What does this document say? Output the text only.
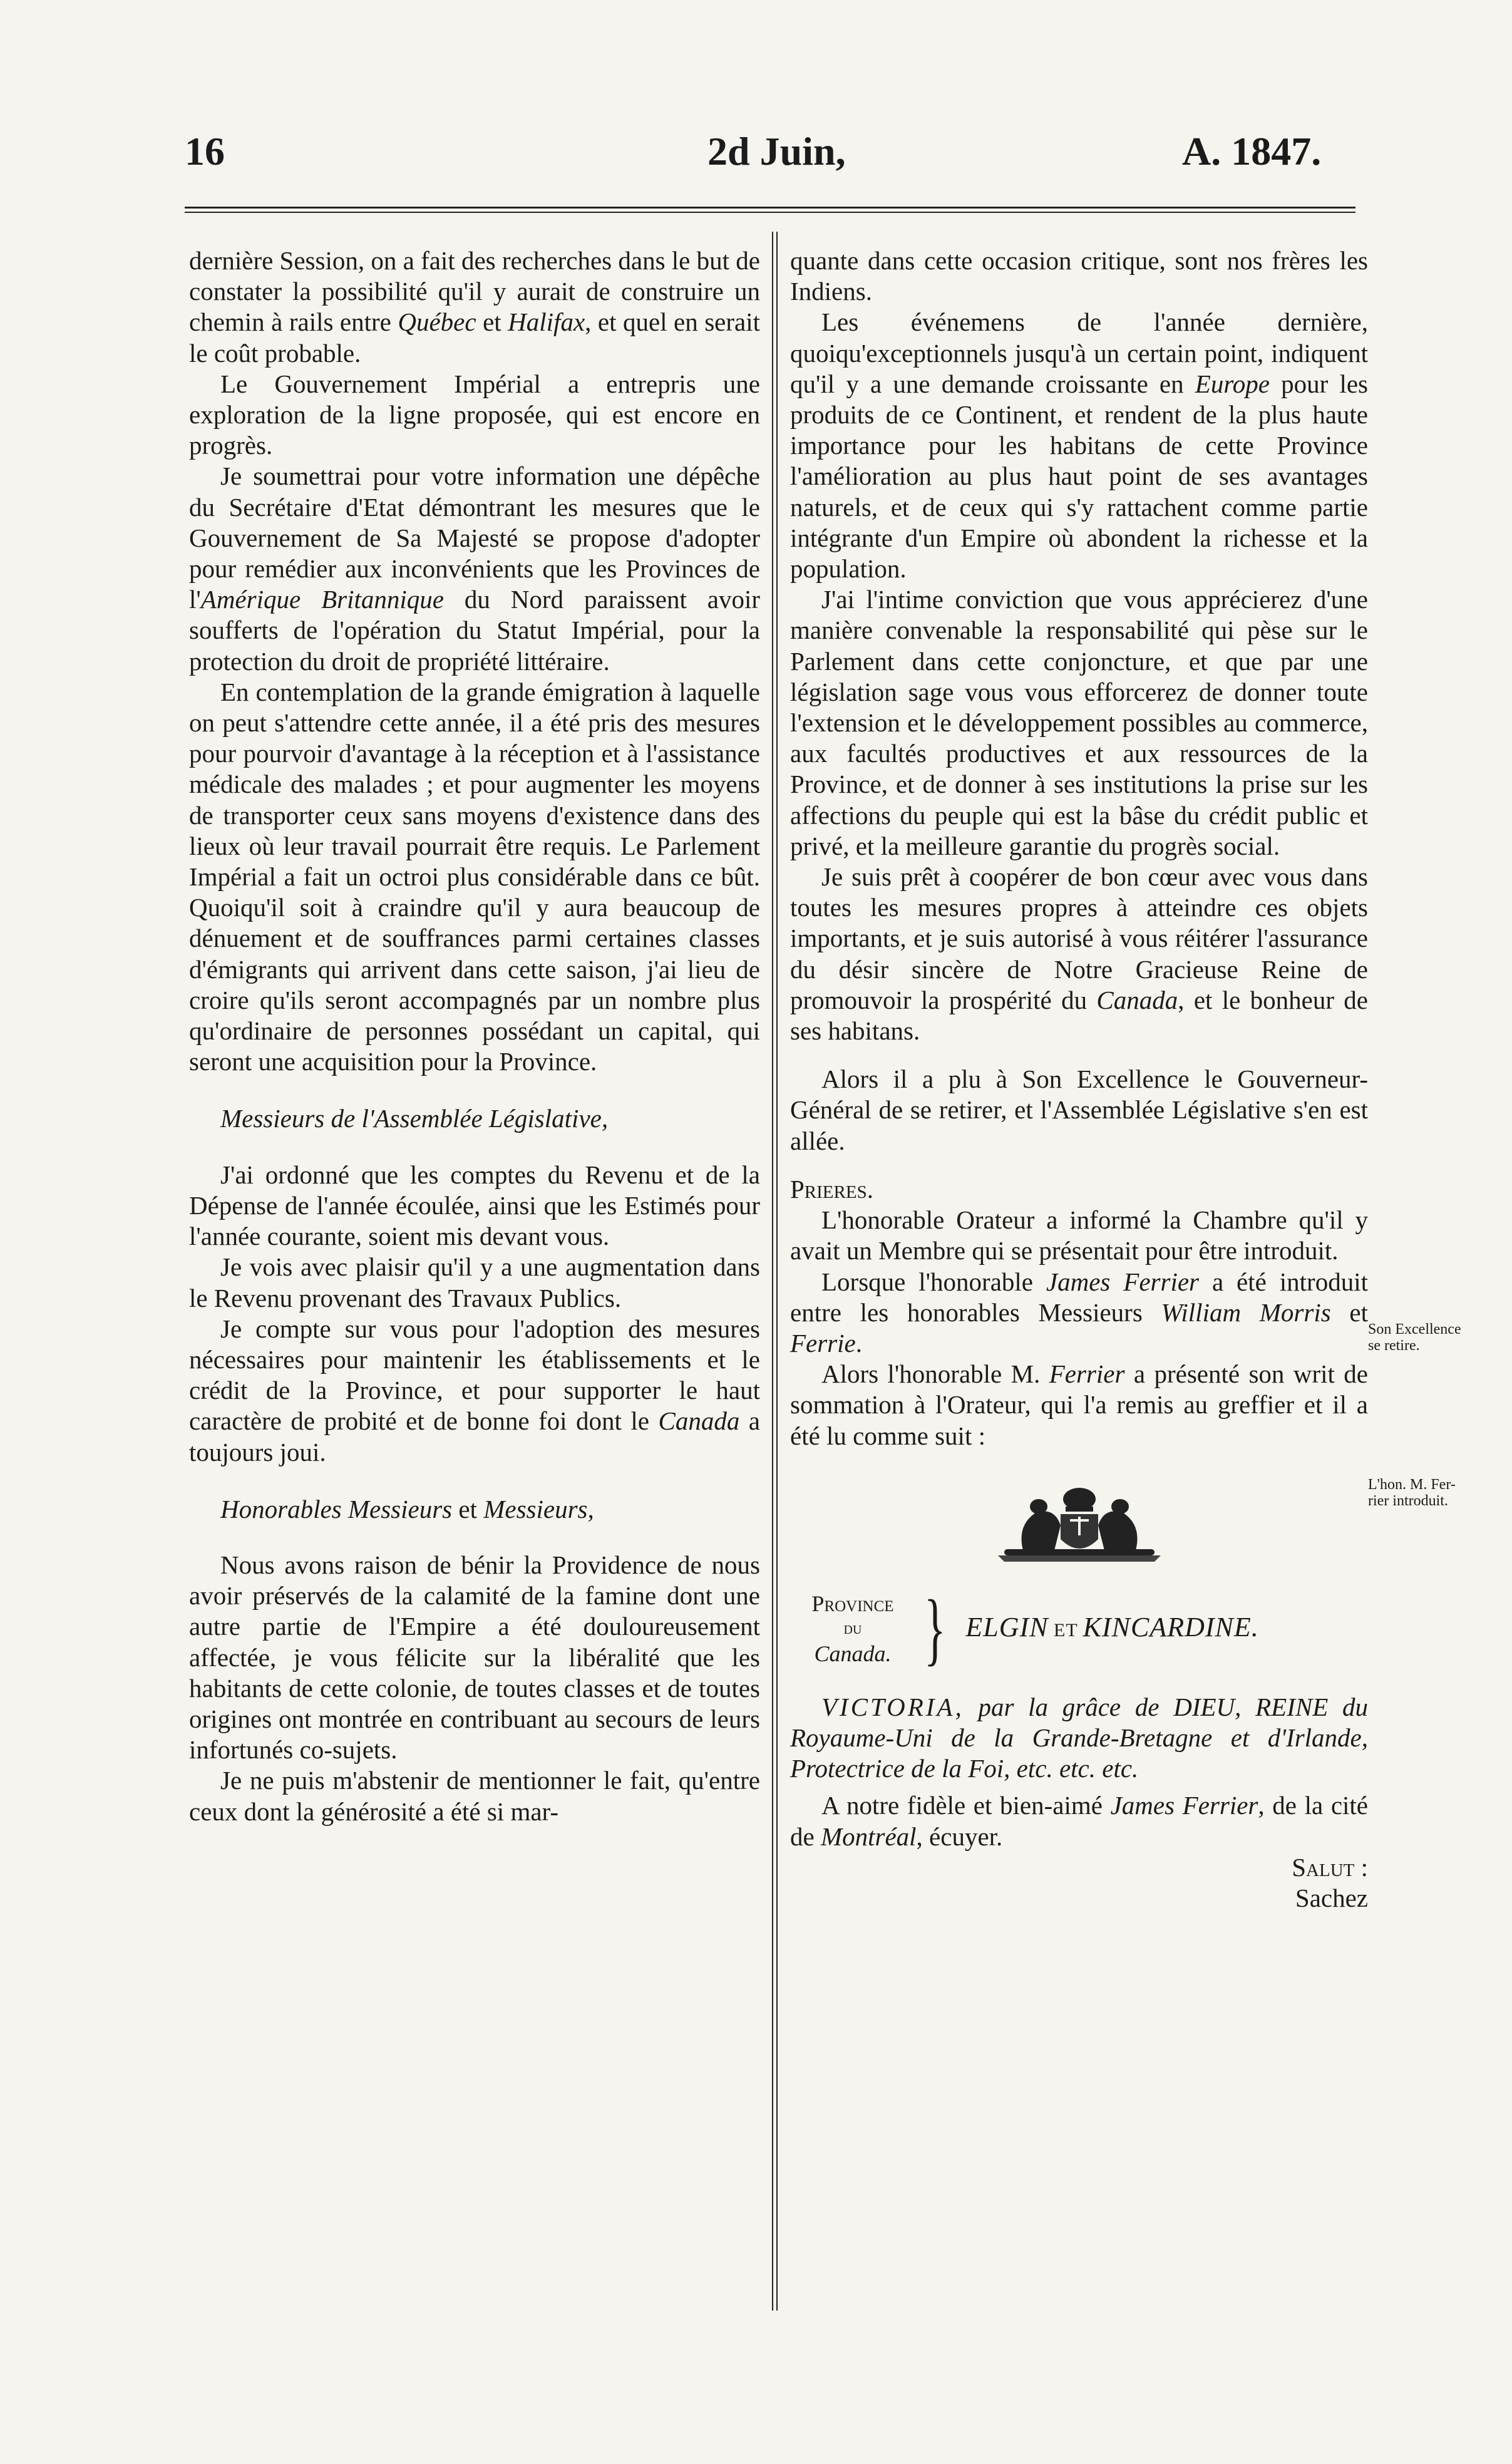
16	2d Juin,	A. 1847.

dernière Session, on a fait des recherches dans le but de constater la possibilité qu'il y aurait de construire un chemin à rails entre Québec et Halifax, et quel en serait le coût probable.

Le Gouvernement Impérial a entrepris une exploration de la ligne proposée, qui est encore en progrès.

Je soumettrai pour votre information une dépêche du Secrétaire d'Etat démontrant les mesures que le Gouvernement de Sa Majesté se propose d'adopter pour remédier aux inconvénients que les Provinces de l'Amérique Britannique du Nord paraissent avoir soufferts de l'opération du Statut Impérial, pour la protection du droit de propriété littéraire.

En contemplation de la grande émigration à laquelle on peut s'attendre cette année, il a été pris des mesures pour pourvoir d'avantage à la réception et à l'assistance médicale des malades ; et pour augmenter les moyens de transporter ceux sans moyens d'existence dans des lieux où leur travail pourrait être requis. Le Parlement Impérial a fait un octroi plus considérable dans ce bût. Quoiqu'il soit à craindre qu'il y aura beaucoup de dénuement et de souffrances parmi certaines classes d'émigrants qui arrivent dans cette saison, j'ai lieu de croire qu'ils seront accompagnés par un nombre plus qu'ordinaire de personnes possédant un capital, qui seront une acquisition pour la Province.

Messieurs de l'Assemblée Législative,

J'ai ordonné que les comptes du Revenu et de la Dépense de l'année écoulée, ainsi que les Estimés pour l'année courante, soient mis devant vous.

Je vois avec plaisir qu'il y a une augmentation dans le Revenu provenant des Travaux Publics.

Je compte sur vous pour l'adoption des mesures nécessaires pour maintenir les établissements et le crédit de la Province, et pour supporter le haut caractère de probité et de bonne foi dont le Canada a toujours joui.

Honorables Messieurs et Messieurs,

Nous avons raison de bénir la Providence de nous avoir préservés de la calamité de la famine dont une autre partie de l'Empire a été douloureusement affectée, je vous félicite sur la libéralité que les habitants de cette colonie, de toutes classes et de toutes origines ont montrée en contribuant au secours de leurs infortunés co-sujets.

Je ne puis m'abstenir de mentionner le fait, qu'entre ceux dont la générosité a été si mar-

quante dans cette occasion critique, sont nos frères les Indiens.

Les événemens de l'année dernière, quoiqu'exceptionnels jusqu'à un certain point, indiquent qu'il y a une demande croissante en Europe pour les produits de ce Continent, et rendent de la plus haute importance pour les habitans de cette Province l'amélioration au plus haut point de ses avantages naturels, et de ceux qui s'y rattachent comme partie intégrante d'un Empire où abondent la richesse et la population.

J'ai l'intime conviction que vous apprécierez d'une manière convenable la responsabilité qui pèse sur le Parlement dans cette conjoncture, et que par une législation sage vous vous efforcerez de donner toute l'extension et le développement possibles au commerce, aux facultés productives et aux ressources de la Province, et de donner à ses institutions la prise sur les affections du peuple qui est la bâse du crédit public et privé, et la meilleure garantie du progrès social.

Je suis prêt à coopérer de bon cœur avec vous dans toutes les mesures propres à atteindre ces objets importants, et je suis autorisé à vous réitérer l'assurance du désir sincère de Notre Gracieuse Reine de promouvoir la prospérité du Canada, et le bonheur de ses habitans.

Alors il a plu à Son Excellence le Gouverneur-Général de se retirer, et l'Assemblée Législative s'en est allée.

Prieres.

L'honorable Orateur a informé la Chambre qu'il y avait un Membre qui se présentait pour être introduit.

Lorsque l'honorable James Ferrier a été introduit entre les honorables Messieurs William Morris et Ferrie.

Alors l'honorable M. Ferrier a présenté son writ de sommation à l'Orateur, qui l'a remis au greffier et il a été lu comme suit :

Province
du
Canada. } ELGIN ET KINCARDINE.

VICTORIA, par la grâce de DIEU, REINE du Royaume-Uni de la Grande-Bretagne et d'Irlande, Protectrice de la Foi, etc. etc. etc.

A notre fidèle et bien-aimé James Ferrier, de la cité de Montréal, écuyer.

Salut :

Sachez

Son Excellence
se retire.
L'hon. M. Fer-
rier introduit.
